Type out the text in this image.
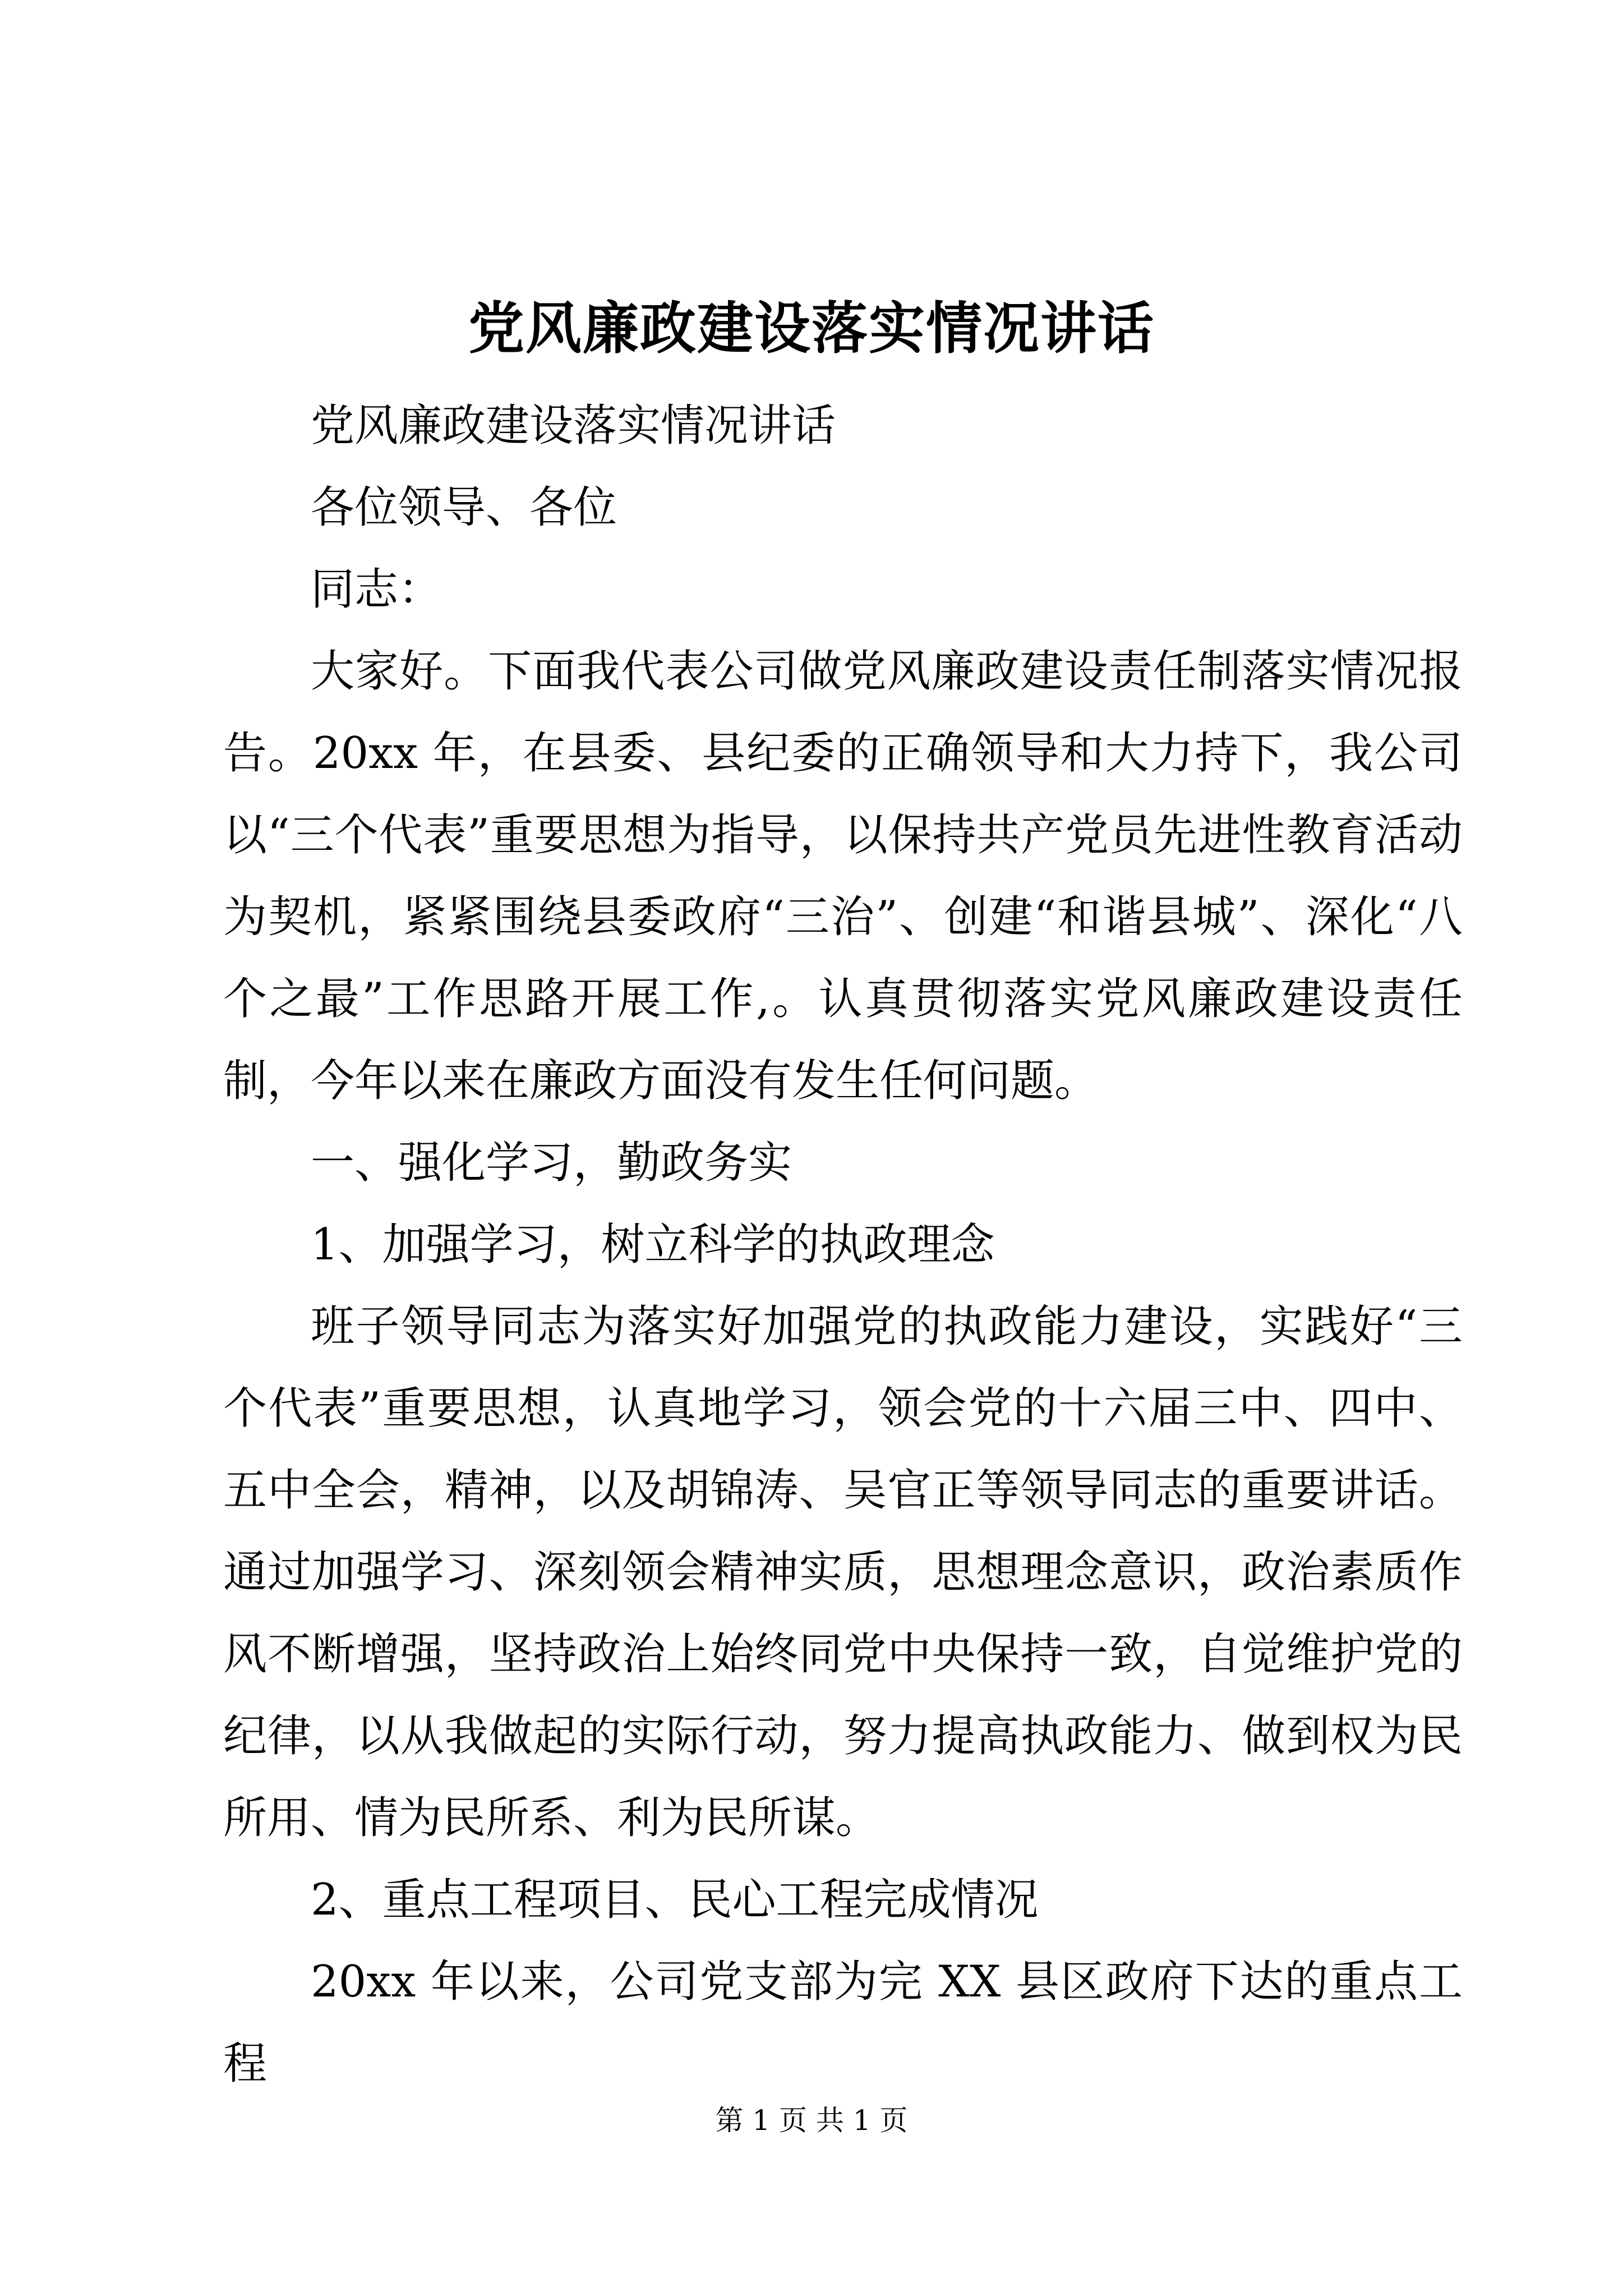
党风廉政建设落实情况讲话

党风廉政建设落实情况讲话

各位领导、各位

同志：

大家好。下面我代表公司做党风廉政建设责任制落实情况报告。20xx 年，在县委、县纪委的正确领导和大力持下，我公司以“三个代表”重要思想为指导，以保持共产党员先进性教育活动为契机，紧紧围绕县委政府“三治”、创建“和谐县城”、深化“八个之最”工作思路开展工作,。认真贯彻落实党风廉政建设责任制，今年以来在廉政方面没有发生任何问题。

一、强化学习，勤政务实

1、加强学习，树立科学的执政理念

班子领导同志为落实好加强党的执政能力建设，实践好“三个代表”重要思想，认真地学习，领会党的十六届三中、四中、五中全会，精神，以及胡锦涛、吴官正等领导同志的重要讲话。通过加强学习、深刻领会精神实质，思想理念意识，政治素质作风不断增强，坚持政治上始终同党中央保持一致，自觉维护党的纪律，以从我做起的实际行动，努力提高执政能力、做到权为民所用、情为民所系、利为民所谋。

2、重点工程项目、民心工程完成情况

20xx 年以来，公司党支部为完 XX 县区政府下达的重点工程

第 1 页 共 1 页
